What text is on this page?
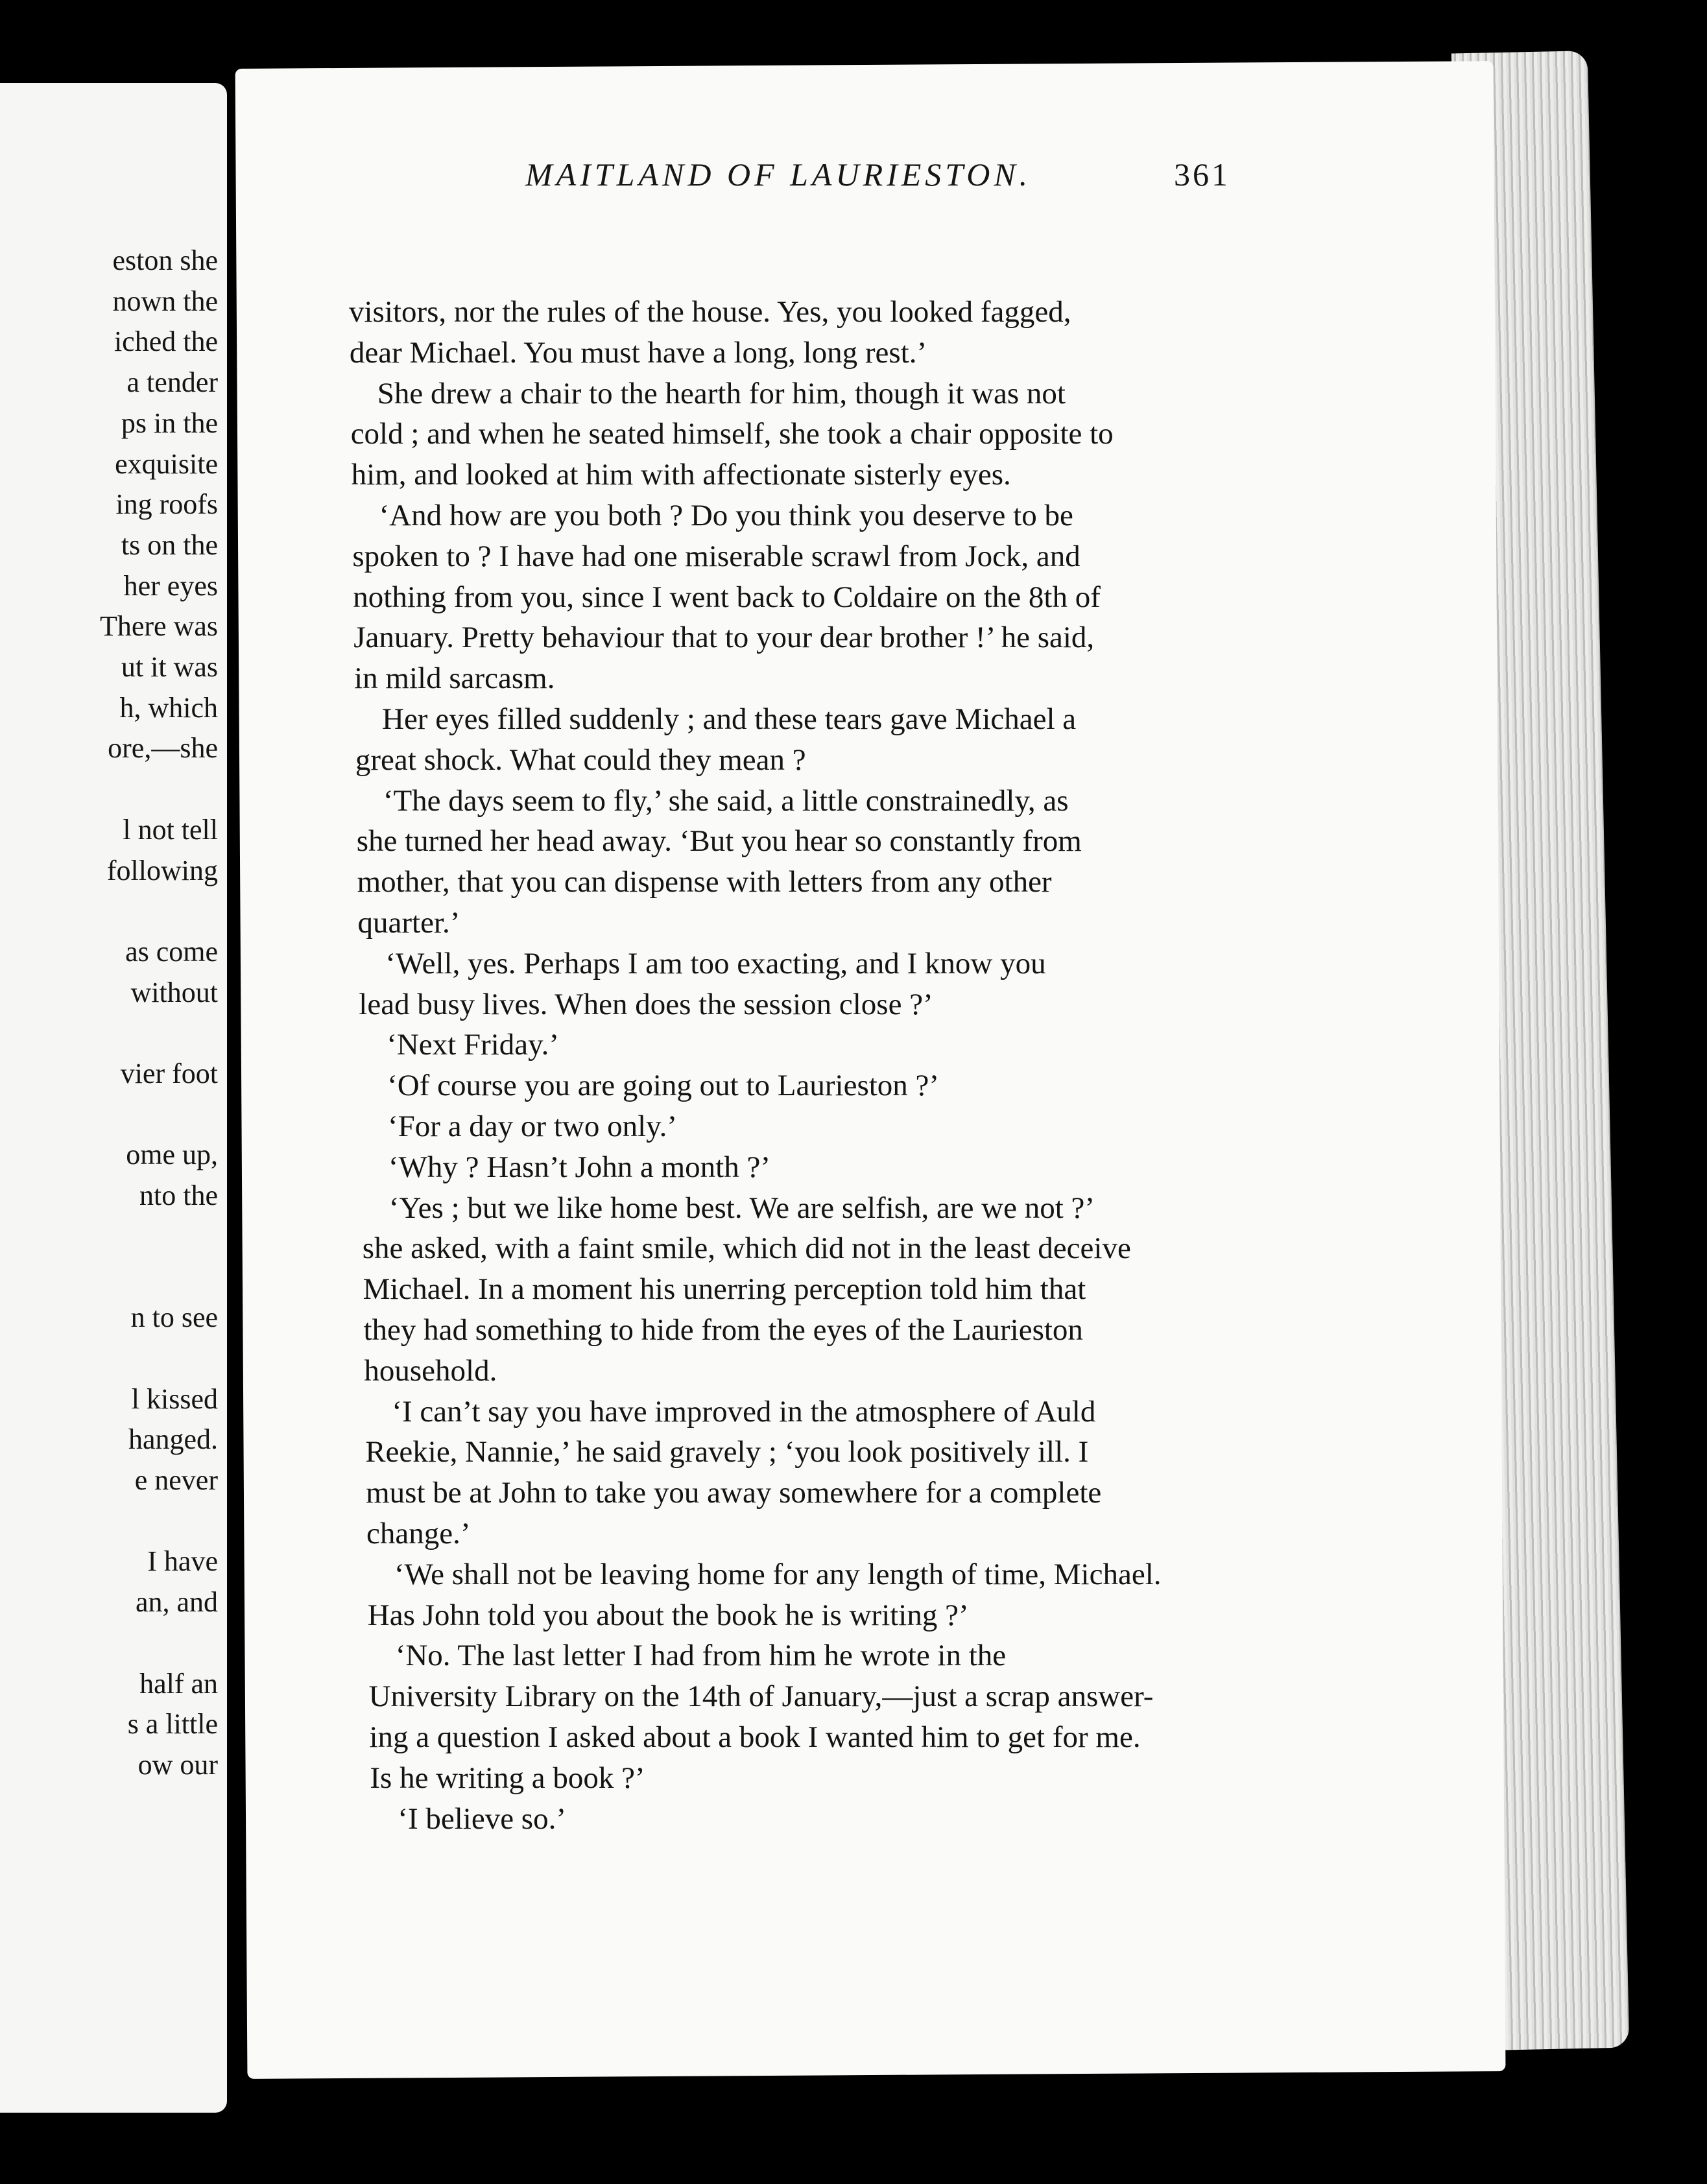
eston she
nown the
iched the
a tender
ps in the
exquisite
ing roofs
ts on the
her eyes
There was
ut it was
h, which
ore,—she
l not tell
following
as come
without
vier foot
ome up,
nto the
n to see
l kissed
hanged.
e never
I have
an, and
half an
s a little
ow our
MAITLAND OF LAURIESTON.	361
visitors, nor the rules of the house. Yes, you looked fagged,
dear Michael. You must have a long, long rest.’
She drew a chair to the hearth for him, though it was not
cold ; and when he seated himself, she took a chair opposite to
him, and looked at him with affectionate sisterly eyes.
‘And how are you both ? Do you think you deserve to be
spoken to ? I have had one miserable scrawl from Jock, and
nothing from you, since I went back to Coldaire on the 8th of
January. Pretty behaviour that to your dear brother !’ he said,
in mild sarcasm.
Her eyes filled suddenly ; and these tears gave Michael a
great shock. What could they mean ?
‘The days seem to fly,’ she said, a little constrainedly, as
she turned her head away. ‘But you hear so constantly from
mother, that you can dispense with letters from any other
quarter.’
‘Well, yes. Perhaps I am too exacting, and I know you
lead busy lives. When does the session close ?’
‘Next Friday.’
‘Of course you are going out to Laurieston ?’
‘For a day or two only.’
‘Why ? Hasn’t John a month ?’
‘Yes ; but we like home best. We are selfish, are we not ?’
she asked, with a faint smile, which did not in the least deceive
Michael. In a moment his unerring perception told him that
they had something to hide from the eyes of the Laurieston
household.
‘I can’t say you have improved in the atmosphere of Auld
Reekie, Nannie,’ he said gravely ; ‘you look positively ill. I
must be at John to take you away somewhere for a complete
change.’
‘We shall not be leaving home for any length of time, Michael.
Has John told you about the book he is writing ?’
‘No. The last letter I had from him he wrote in the
University Library on the 14th of January,—just a scrap answer-
ing a question I asked about a book I wanted him to get for me.
Is he writing a book ?’
‘I believe so.’
